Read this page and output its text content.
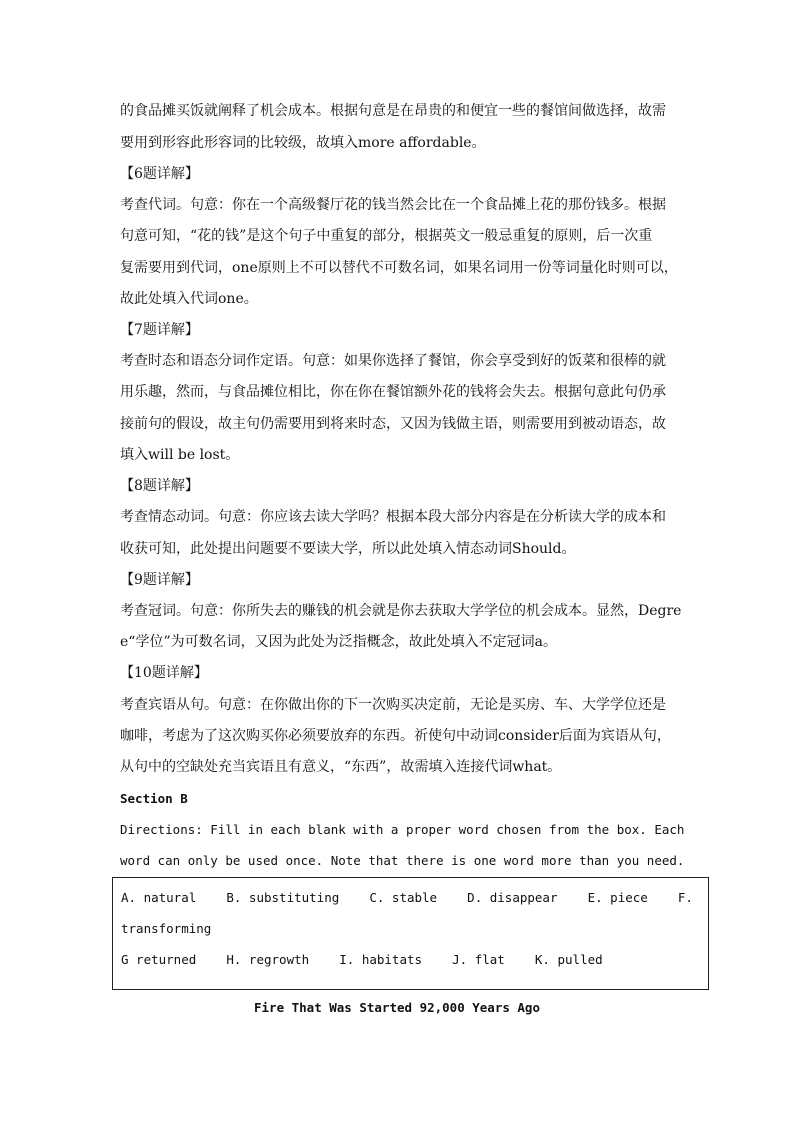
的食品摊买饭就阐释了机会成本。根据句意是在昂贵的和便宜一些的餐馆间做选择，故需
要用到形容此形容词的比较级，故填入more affordable。
【6题详解】
考查代词。句意：你在一个高级餐厅花的钱当然会比在一个食品摊上花的那份钱多。根据
句意可知，“花的钱”是这个句子中重复的部分，根据英文一般忌重复的原则，后一次重
复需要用到代词，one原则上不可以替代不可数名词，如果名词用一份等词量化时则可以，
故此处填入代词one。
【7题详解】
考查时态和语态分词作定语。句意：如果你选择了餐馆，你会享受到好的饭菜和很棒的就
用乐趣，然而，与食品摊位相比，你在你在餐馆额外花的钱将会失去。根据句意此句仍承
接前句的假设，故主句仍需要用到将来时态，又因为钱做主语，则需要用到被动语态，故
填入will be lost。
【8题详解】
考查情态动词。句意：你应该去读大学吗？根据本段大部分内容是在分析读大学的成本和
收获可知，此处提出问题要不要读大学，所以此处填入情态动词Should。
【9题详解】
考查冠词。句意：你所失去的赚钱的机会就是你去获取大学学位的机会成本。显然，Degre
e“学位”为可数名词，又因为此处为泛指概念，故此处填入不定冠词a。
【10题详解】
考查宾语从句。句意：在你做出你的下一次购买决定前，无论是买房、车、大学学位还是
咖啡，考虑为了这次购买你必须要放弃的东西。祈使句中动词consider后面为宾语从句，
从句中的空缺处充当宾语且有意义，“东西”，故需填入连接代词what。
Section B
Directions: Fill in each blank with a proper word chosen from the box. Each
word can only be used once. Note that there is one word more than you need.
A. natural    B. substituting    C. stable    D. disappear    E. piece    F.
transforming
G returned    H. regrowth    I. habitats    J. flat    K. pulled
Fire That Was Started 92,000 Years Ago
